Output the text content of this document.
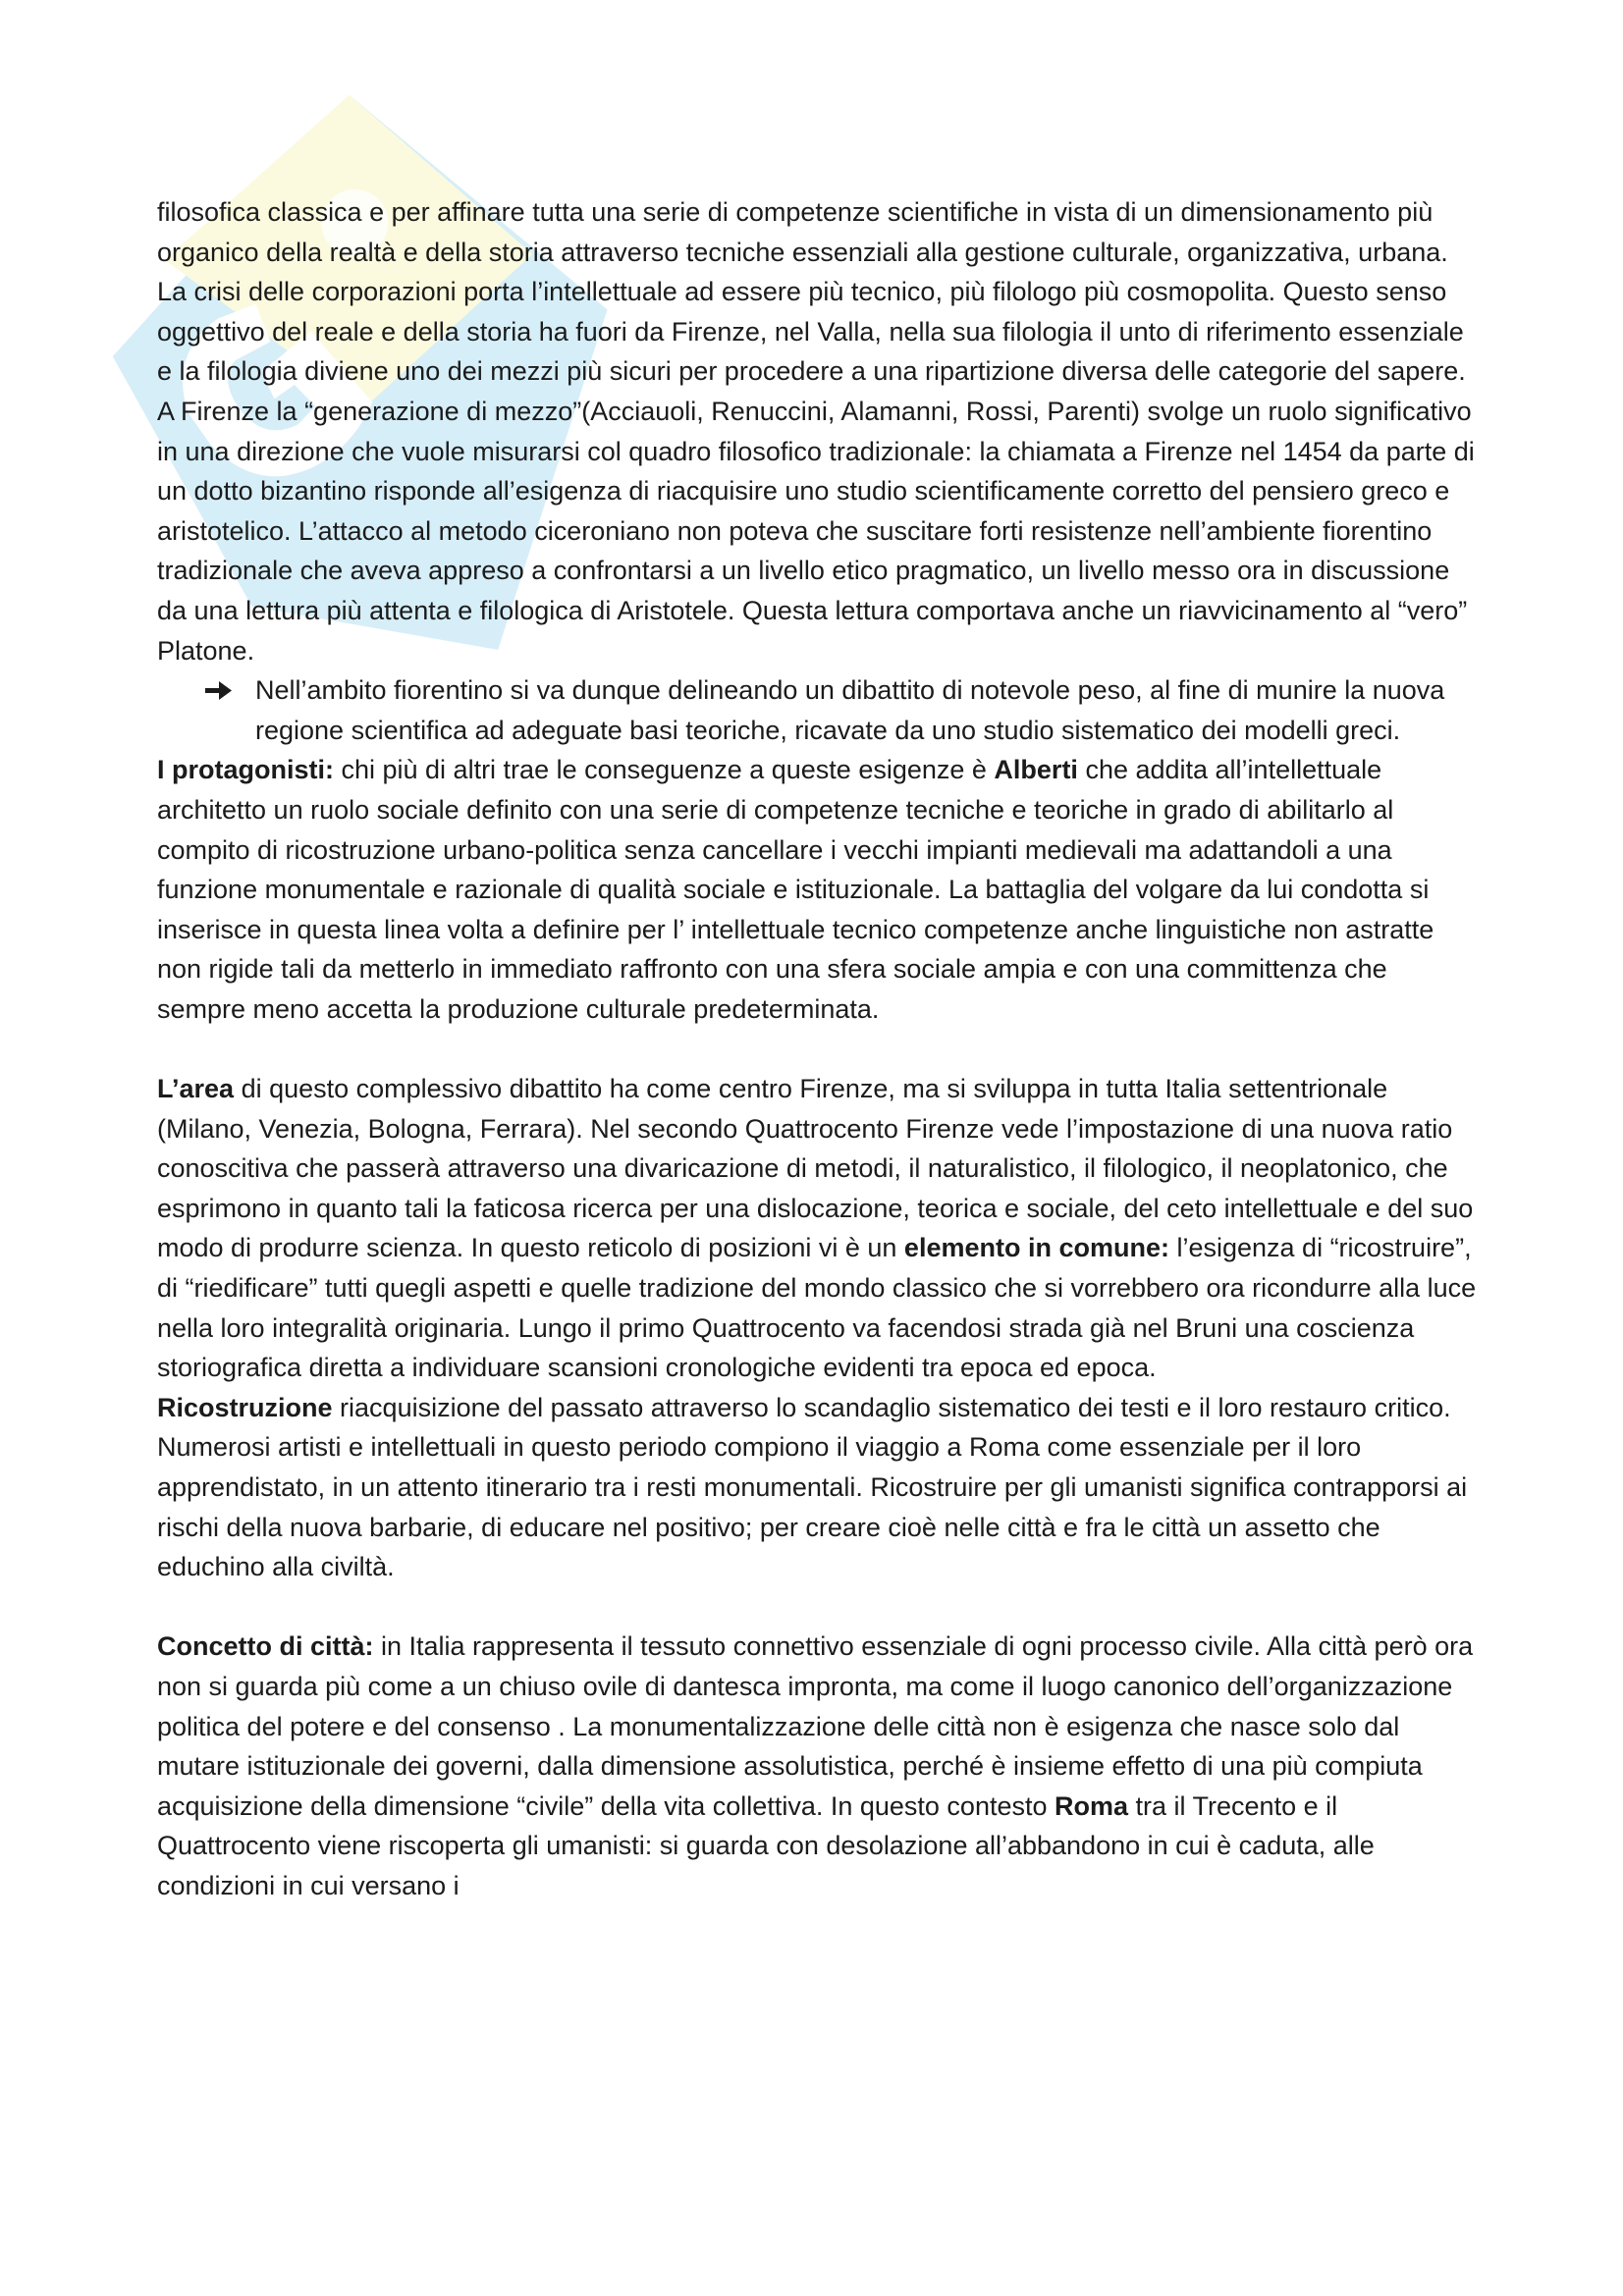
filosofica classica e per affinare tutta una serie di competenze scientifiche in vista di un dimensionamento più organico della realtà e della storia attraverso tecniche essenziali alla gestione culturale, organizzativa, urbana. La crisi delle corporazioni porta l’intellettuale ad essere più tecnico, più filologo più cosmopolita. Questo senso oggettivo del reale e della storia ha fuori da Firenze, nel Valla, nella sua filologia il unto di riferimento essenziale e la filologia diviene uno dei mezzi più sicuri per procedere a una ripartizione diversa delle categorie del sapere. A Firenze la “generazione di mezzo”(Acciauoli, Renuccini, Alamanni, Rossi, Parenti) svolge un ruolo significativo in una direzione che vuole misurarsi col quadro filosofico tradizionale: la chiamata a Firenze nel 1454 da parte di un dotto bizantino risponde all’esigenza di riacquisire uno studio scientificamente corretto del pensiero greco e aristotelico. L’attacco al metodo ciceroniano non poteva che suscitare forti resistenze nell’ambiente fiorentino tradizionale che aveva appreso a confrontarsi a un livello etico pragmatico, un livello messo ora in discussione da una lettura più attenta e filologica di Aristotele. Questa lettura comportava anche un riavvicinamento al “vero” Platone.

Nell’ambito fiorentino si va dunque delineando un dibattito di notevole peso, al fine di munire la nuova regione scientifica ad adeguate basi teoriche, ricavate da uno studio sistematico dei modelli greci.

I protagonisti: chi più di altri trae le conseguenze a queste esigenze è Alberti che addita all’intellettuale architetto un ruolo sociale definito con una serie di competenze tecniche e teoriche in grado di abilitarlo al compito di ricostruzione urbano-politica senza cancellare i vecchi impianti medievali ma adattandoli a una funzione monumentale e razionale di qualità sociale e istituzionale. La battaglia del volgare da lui condotta si inserisce in questa linea volta a definire per l’ intellettuale tecnico competenze anche linguistiche non astratte non rigide tali da metterlo in immediato raffronto con una sfera sociale ampia e con una committenza che sempre meno accetta la produzione culturale predeterminata.

L’area di questo complessivo dibattito ha come centro Firenze, ma si sviluppa in tutta Italia settentrionale (Milano, Venezia, Bologna, Ferrara). Nel secondo Quattrocento Firenze vede l’impostazione di una nuova ratio conoscitiva che passerà attraverso una divaricazione di metodi, il naturalistico, il filologico, il neoplatonico, che esprimono in quanto tali la faticosa ricerca per una dislocazione, teorica e sociale, del ceto intellettuale e del suo modo di produrre scienza. In questo reticolo di posizioni vi è un elemento in comune: l’esigenza di “ricostruire”, di “riedificare” tutti quegli aspetti e quelle tradizione del mondo classico che si vorrebbero ora ricondurre alla luce nella loro integralità originaria. Lungo il primo Quattrocento va facendosi strada già nel Bruni una coscienza storiografica diretta a individuare scansioni cronologiche evidenti tra epoca ed epoca.

Ricostruzione riacquisizione del passato attraverso lo scandaglio sistematico dei testi e il loro restauro critico.

Numerosi artisti e intellettuali in questo periodo compiono il viaggio a Roma come essenziale per il loro apprendistato, in un attento itinerario tra i resti monumentali. Ricostruire per gli umanisti significa contrapporsi ai rischi della nuova barbarie, di educare nel positivo; per creare cioè nelle città e fra le città un assetto che educhino alla civiltà.

Concetto di città: in Italia rappresenta il tessuto connettivo essenziale di ogni processo civile. Alla città però ora non si guarda più come a un chiuso ovile di dantesca impronta, ma come il luogo canonico dell’organizzazione politica del potere e del consenso . La monumentalizzazione delle città non è esigenza che nasce solo dal mutare istituzionale dei governi, dalla dimensione assolutistica, perché è insieme effetto di una più compiuta acquisizione della dimensione “civile” della vita collettiva. In questo contesto Roma tra il Trecento e il Quattrocento viene riscoperta gli umanisti: si guarda con desolazione all’abbandono in cui è caduta, alle condizioni in cui versano i
